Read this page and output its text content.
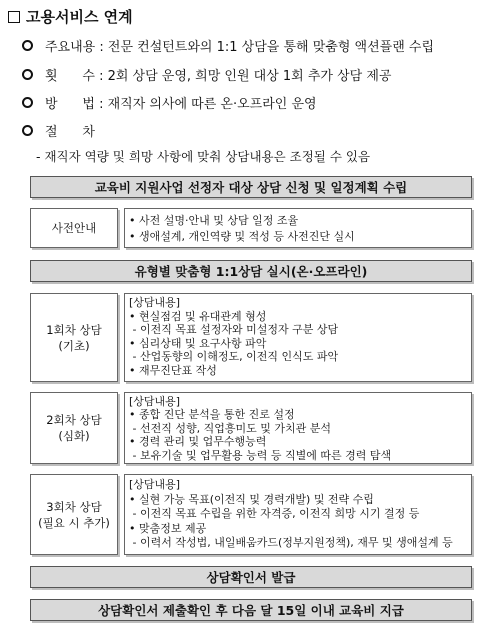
고용서비스 연계
주요내용
: 전문 컨설턴트와의 1:1 상담을 통해 맞춤형 액션플랜 수립
횟      수
: 2회 상담 운영, 희망 인원 대상 1회 추가 상담 제공
방      법
: 재직자 의사에 따른 온·오프라인 운영
절      차
- 재직자 역량 및 희망 사항에 맞춰 상담내용은 조정될 수 있음
교육비 지원사업 선정자 대상 상담 신청 및 일정계획 수립
사전안내
• 사전 설명·안내 및 상담 일정 조율
• 생애설계, 개인역량 및 적성 등 사전진단 실시
유형별 맞춤형 1:1상담 실시(온·오프라인)
1회차 상담
(기초)
[상담내용]
• 현실점검 및 유대관계 형성
- 이전직 목표 설정자와 미설정자 구분 상담
• 심리상태 및 요구사항 파악
- 산업동향의 이해정도, 이전직 인식도 파악
• 재무진단표 작성
2회차 상담
(심화)
[상담내용]
• 종합 진단 분석을 통한 진로 설정
- 선전직 성향, 직업흥미도 및 가치관 분석
• 경력 관리 및 업무수행능력
- 보유기술 및 업무활용 능력 등 직별에 따른 경력 탐색
3회차 상담
(필요 시 추가)
[상담내용]
• 실현 가능 목표(이전직 및 경력개발) 및 전략 수립
- 이전직 목표 수립을 위한 자격증, 이전직 희망 시기 결정 등
• 맞춤정보 제공
- 이력서 작성법, 내일배움카드(정부지원정책), 재무 및 생애설계 등
상담확인서 발급
상담확인서 제출확인 후 다음 달 15일 이내 교육비 지급
